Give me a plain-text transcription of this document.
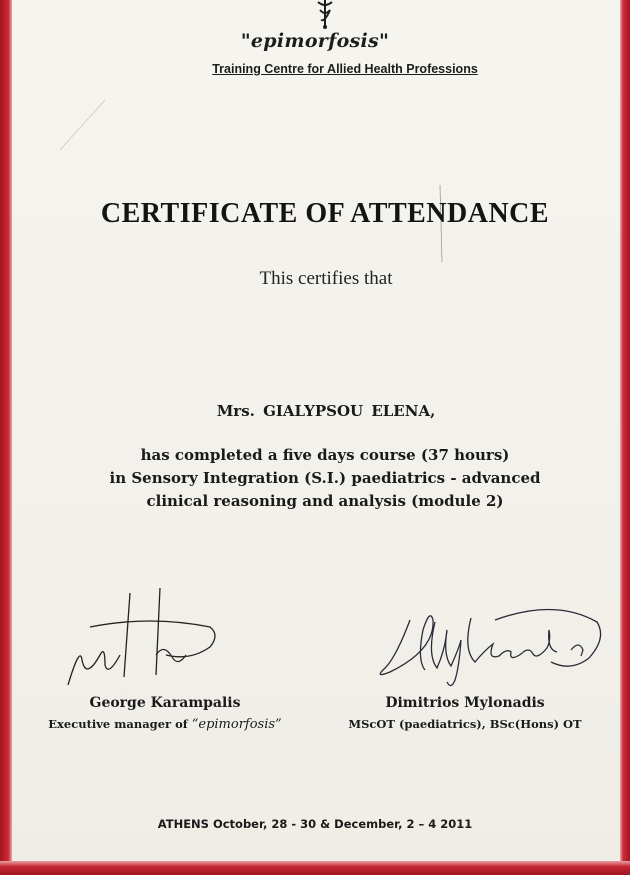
"epimorfosis"
Training Centre for Allied Health Professions
CERTIFICATE OF ATTENDANCE
This certifies that
Mrs. GIALYPSOU ELENA,
has completed a five days course (37 hours)
in Sensory Integration (S.I.) paediatrics - advanced
clinical reasoning and analysis (module 2)
George Karampalis
Executive manager of “epimorfosis”
Dimitrios Mylonadis
MScOT (paediatrics), BSc(Hons) OT
ATHENS October, 28 - 30 & December, 2 – 4 2011
